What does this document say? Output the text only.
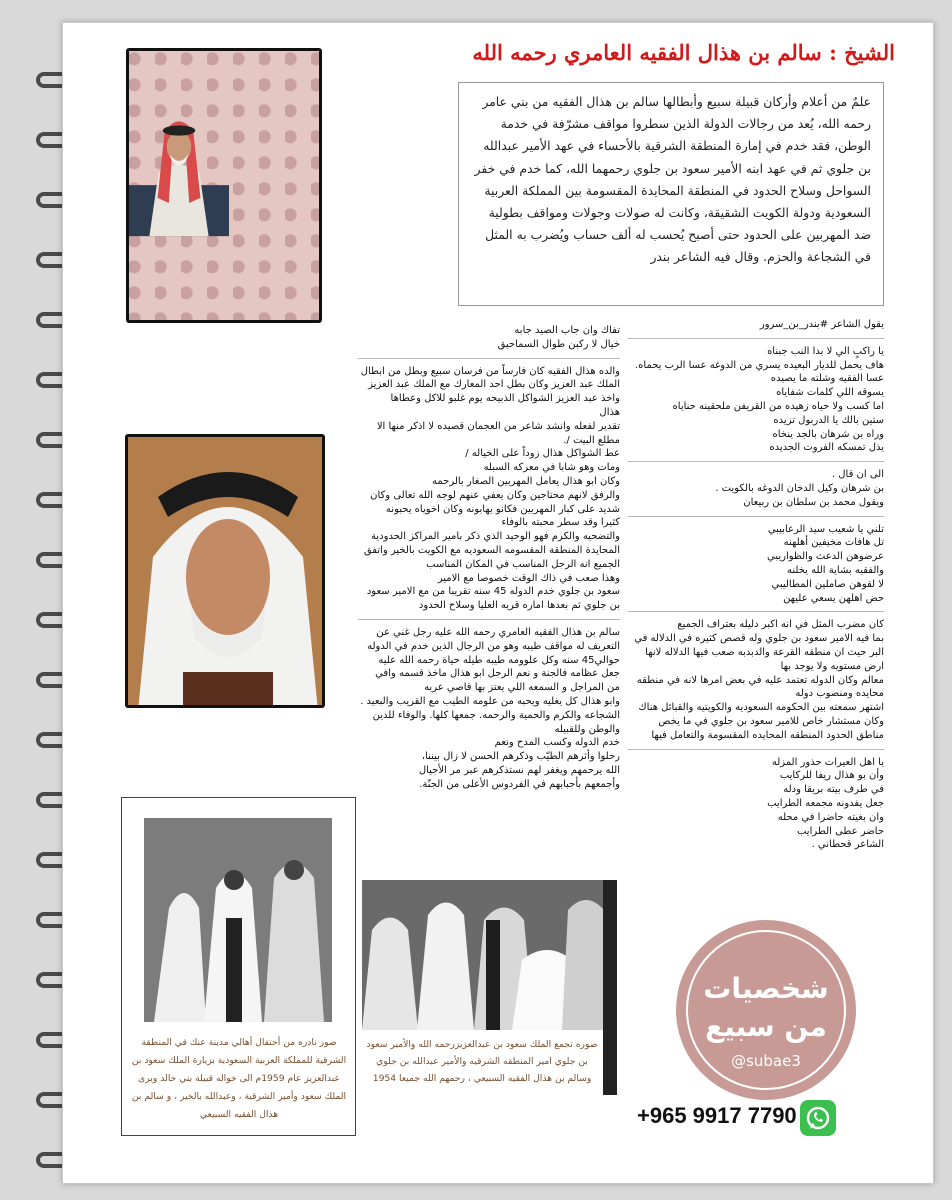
الشيخ : سالم بن هذال الفقيه العامري رحمه الله
علمٌ من أعلام وأركان قبيلة سبيع وأبطالها سالم بن هذال الفقيه من بني عامر رحمه الله، يُعد من رجالات الدولة الذين سطروا مواقف مشرّفة في خدمة الوطن، فقد خدم في إمارة المنطقة الشرقية بالأحساء في عهد الأمير عبدالله بن جلوي ثم في عهد ابنه الأمير سعود بن جلوي رحمهما الله، كما خدم في خفر السواحل وسلاح الحدود في المنطقة المحايدة المقسومة بين المملكة العربية السعودية ودولة الكويت الشقيقة، وكانت له صولات وجولات ومواقف بطولية ضد المهربين على الحدود حتى أصبح يُحسب له ألف حساب ويُضرب به المثل في الشجاعة والحزم. وقال فيه الشاعر بندر
تفاك وان جاب الصيد جابه
خيال لا ركبن طوال السماحيق
والده هذال الفقيه كان فارساً من فرسان سبيع وبطل من ابطال
الملك عبد العزيز وكان بطل احد المعارك مع الملك عبد العزيز
واخذ عبد العزيز الشواكل الذبيحه يوم غلبو للاكل وعطاها
هذال
تقدير لفعله وانشد شاعر من العجمان قصيده لا اذكر منها الا
مطلع البيت /.
عط الشواكل هذال زوداً على الخياله /
ومات وهو شابا في معركه السبله
وكان ابو هذال يعامل المهربين الصغار بالرحمه
والرفق لانهم محتاجين وكان يعفي عنهم لوجه الله تعالى وكان
شديد على كبار المهربين فكانو يهابونه وكان اخوياه يحبونه
كثيرا وقد سطر محبته بالوفاء
والتضحيه والكرم فهو الوحيد الذي ذكر بامير المراكز الحدودية
المحايدة المنطقة المقسومه السعوديه مع الكويت بالخير واتفق
الجميع انه الرجل المناسب في المكان المناسب
وهذا صعب في ذاك الوقت خصوصا مع الامير
سعود بن جلوي خدم الدوله 45 سنه تقريبا من مع الامير سعود
بن جلوي ثم بعدها اماره قريه العليا وسلاح الحدود
سالم بن هذال الفقيه العامري رحمه الله عليه رجل غني عن
التعريف له مواقف طيبه وهو من الرجال الذين خدم في الدوله
حوالي45 سنه وكل علوومه طيبه طيله حياة رحمه الله عليه
جعل عظامه فالجنة و نعم الرجل ابو هذال ماخذ قسمه وافي
من المراجل و السمعه اللي يعتز بها قاصي عربه
وابو هذال كل يغليه ويحبه من علومه الطيب مع القريب والبعيد .
الشجاعه والكرم والحمية والرحمه. جمعها كلها. والوفاء للدين
والوطن وللقبيله
خدم الدوله وكسب المدح ونعم
رحلوا وأثرهم الطيّب وذكرهم الحسن لا زال بيننا،
الله يرحمهم ويغفر لهم نستذكرهم عبر مر الأجيال
وأجمعهم بأحبابهم في الفردوس الأعلى من الجنّة.
يقول الشاعر #بندر_بن_سرور
يا راكبٍ الي لا بدا النب جبناه
هاف يحمل للديار البعيده يسري من الدوغه عسا الرب يحماه.
عسا الفقيه وشلته ما يصيده
يسوقه اللي كلمات شفاياه
اما كسب ولا حياه زهيده من القريفن ملحقينه حناياه
ستين بالك يا الدربول تزيده
وراه بن شرهان بالجد ينخاه
يذل تمسكه الفروت الجديده
الى ان قال .
بن شرهان وكيل الدخان الدوغه بالكويت .
ويقول محمد بن سلطان بن ربيعان
تلني يا شعيب سيد الرعابيبي
تل هافات مخيفين أهلهنه
عرضوهن الدعث والظواريبي
والفقيه بشاية الله يخلنه
لا لقوهن صاملين المطاليبي
حض اهلهن يسعي عليهن
كان مضرب المثل في انه اكبر دليله بعتراف الجميع
بما فيه الامير سعود بن جلوي وله قصص كثيره في الدلاله في
البر حيث ان منطقه القرعة والدبدبه صعب فيها الدلاله لانها
ارض مستويه ولا يوجد بها
معالم وكان الدوله تعتمد عليه في بعض امرها لانه في منطقه
محايده ومنصوب دوله
اشتهر سمعته بين الحكومه السعوديه والكويتيه والقبائل هناك
وكان مستشار خاص للامير سعود بن جلوي في ما يخص
مناطق الحدود المنطقه المحايده المقسومة والتعامل فيها
يا اهل العيرات حذور المزله
وأن بو هذال ريفا للركايب
في طرف بيته بريقا ودله
جعل يفدونه مجمعه الطرايب
وان بغيته حاضرا في محله
حاضر عطى الطرايب
الشاعر قحطاني .
صور نادره من أحتفال أهالي مدينة عنك في المنطقة الشرقية للمملكة العربية السعودية بزيارة الملك سعود بن عبدالعزيز عام 1959م الى خواله قبيلة بني خالد ويرى الملك سعود وأمير الشرقية ، وعبدالله بالخير ، و سالم بن هذال الفقيه السبيعي
صوره تجمع الملك سعود بن عبدالعزيزرحمه الله والأمير سعود بن جلوي امير المنطقه الشرقيه والأمير عبدالله بن جلوي وسالم بن هذال الفقيه السبيعي ، رحمهم الله جميعا 1954
شخصيات
من سبيع
@subae3
+965 9917 7790
